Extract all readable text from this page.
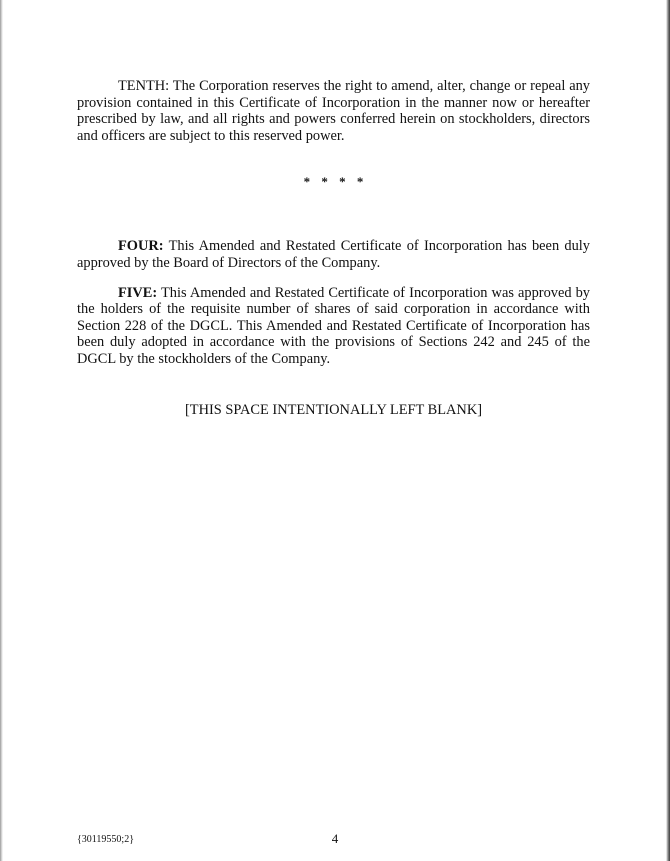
TENTH: The Corporation reserves the right to amend, alter, change or repeal any provision contained in this Certificate of Incorporation in the manner now or hereafter prescribed by law, and all rights and powers conferred herein on stockholders, directors and officers are subject to this reserved power.

* * * *

FOUR: This Amended and Restated Certificate of Incorporation has been duly approved by the Board of Directors of the Company.

FIVE: This Amended and Restated Certificate of Incorporation was approved by the holders of the requisite number of shares of said corporation in accordance with Section 228 of the DGCL. This Amended and Restated Certificate of Incorporation has been duly adopted in accordance with the provisions of Sections 242 and 245 of the DGCL by the stockholders of the Company.

[THIS SPACE INTENTIONALLY LEFT BLANK]
{30119550;2}	4
